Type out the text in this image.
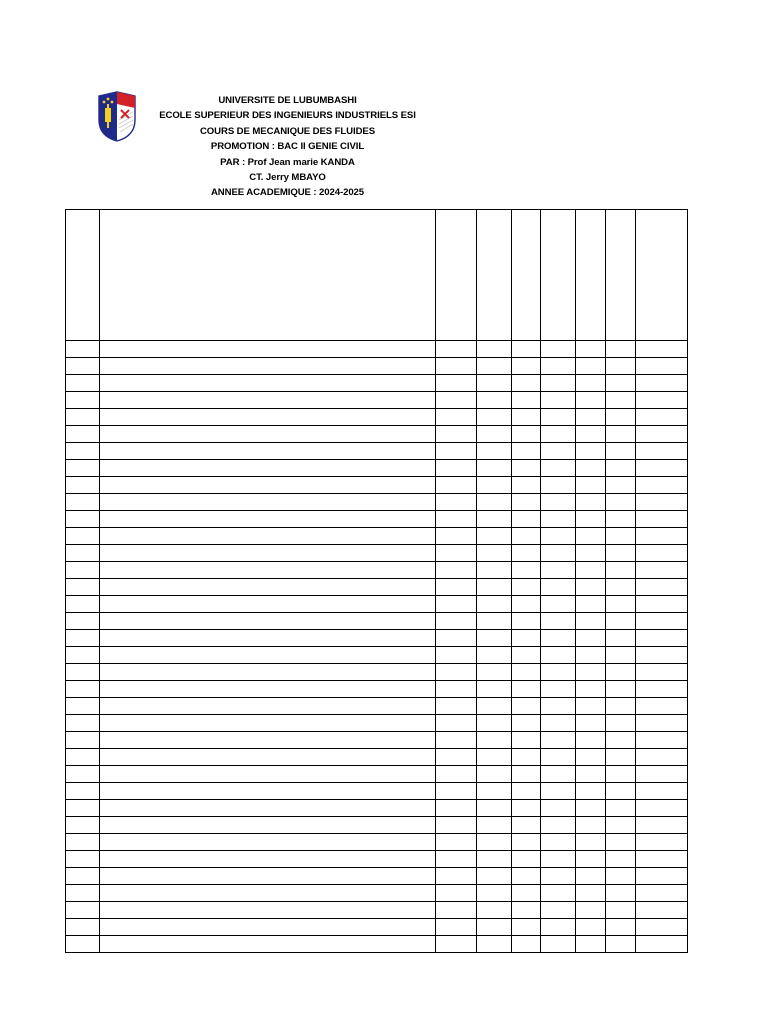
UNIVERSITE DE LUBUMBASHI
ECOLE SUPERIEUR DES INGENIEURS INDUSTRIELS ESI
COURS DE MECANIQUE DES FLUIDES
PROMOTION : BAC II GENIE CIVIL
PAR : Prof Jean marie KANDA
CT. Jerry MBAYO
ANNEE ACADEMIQUE : 2024-2025
